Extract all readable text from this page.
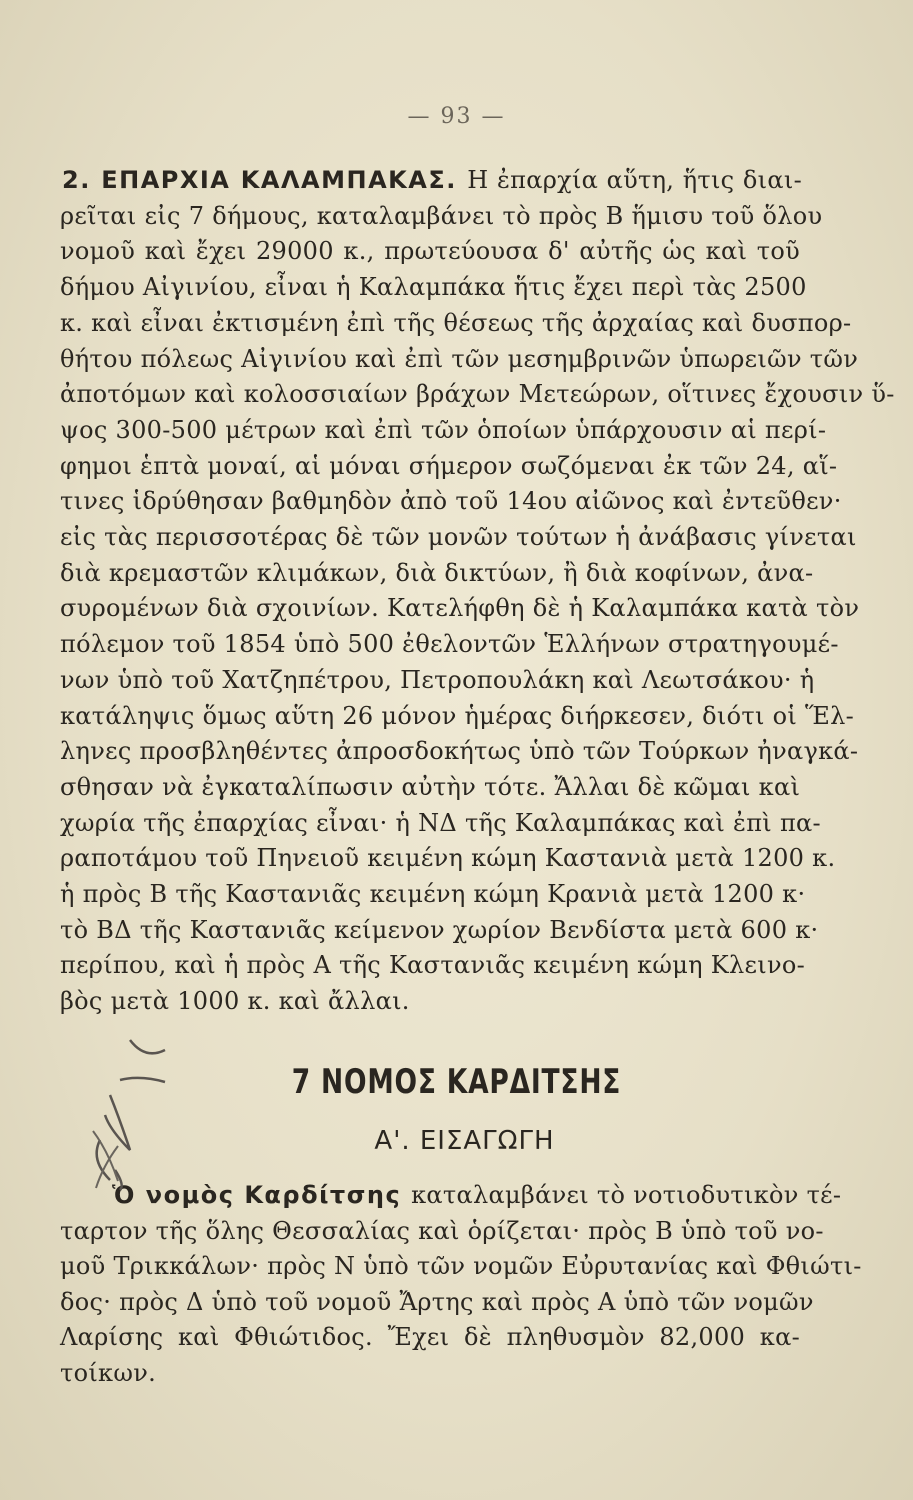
— 93 —
2. ΕΠΑΡΧΙΑ ΚΑΛΑΜΠΑΚΑΣ. Η ἐπαρχία αὕτη, ἥτις διαι-
ρεῖται εἰς 7 δήμους, καταλαμβάνει τὸ πρὸς Β ἥμισυ τοῦ ὅλου
νομοῦ καὶ ἔχει 29000 κ., πρωτεύουσα δ' αὐτῆς ὡς καὶ τοῦ
δήμου Αἰγινίου, εἶναι ἡ Καλαμπάκα ἥτις ἔχει περὶ τὰς 2500
κ. καὶ εἶναι ἐκτισμένη ἐπὶ τῆς θέσεως τῆς ἀρχαίας καὶ δυσπορ-
θήτου πόλεως Αἰγινίου καὶ ἐπὶ τῶν μεσημβρινῶν ὑπωρειῶν τῶν
ἀποτόμων καὶ κολοσσιαίων βράχων Μετεώρων, οἵτινες ἔχουσιν ὕ-
ψος 300-500 μέτρων καὶ ἐπὶ τῶν ὁποίων ὑπάρχουσιν αἱ περί-
φημοι ἑπτὰ μοναί, αἱ μόναι σήμερον σωζόμεναι ἐκ τῶν 24, αἵ-
τινες ἱδρύθησαν βαθμηδὸν ἀπὸ τοῦ 14ου αἰῶνος καὶ ἐντεῦθεν·
εἰς τὰς περισσοτέρας δὲ τῶν μονῶν τούτων ἡ ἀνάβασις γίνεται
διὰ κρεμαστῶν κλιμάκων, διὰ δικτύων, ἢ διὰ κοφίνων, ἀνα-
συρομένων διὰ σχοινίων. Κατελήφθη δὲ ἡ Καλαμπάκα κατὰ τὸν
πόλεμον τοῦ 1854 ὑπὸ 500 ἐθελοντῶν Ἑλλήνων στρατηγουμέ-
νων ὑπὸ τοῦ Χατζηπέτρου, Πετροπουλάκη καὶ Λεωτσάκου· ἡ
κατάληψις ὅμως αὕτη 26 μόνον ἡμέρας διήρκεσεν, διότι οἱ Ἕλ-
ληνες προσβληθέντες ἀπροσδοκήτως ὑπὸ τῶν Τούρκων ἠναγκά-
σθησαν νὰ ἐγκαταλίπωσιν αὐτὴν τότε. Ἄλλαι δὲ κῶμαι καὶ
χωρία τῆς ἐπαρχίας εἶναι· ἡ ΝΔ τῆς Καλαμπάκας καὶ ἐπὶ πα-
ραποτάμου τοῦ Πηνειοῦ κειμένη κώμη Καστανιὰ μετὰ 1200 κ.
ἡ πρὸς Β τῆς Καστανιᾶς κειμένη κώμη Κρανιὰ μετὰ 1200 κ·
τὸ ΒΔ τῆς Καστανιᾶς κείμενον χωρίον Βενδίστα μετὰ 600 κ·
περίπου, καὶ ἡ πρὸς Α τῆς Καστανιᾶς κειμένη κώμη Κλεινο-
βὸς μετὰ 1000 κ. καὶ ἄλλαι.
7 ΝΟΜΟΣ ΚΑΡΔΙΤΣΗΣ
Α'. ΕΙΣΑΓΩΓΗ
Ὁ νομὸς Καρδίτσης καταλαμβάνει τὸ νοτιοδυτικὸν τέ-
ταρτον τῆς ὅλης Θεσσαλίας καὶ ὁρίζεται· πρὸς Β ὑπὸ τοῦ νο-
μοῦ Τρικκάλων· πρὸς Ν ὑπὸ τῶν νομῶν Εὐρυτανίας καὶ Φθιώτι-
δος· πρὸς Δ ὑπὸ τοῦ νομοῦ Ἄρτης καὶ πρὸς Α ὑπὸ τῶν νομῶν
Λαρίσης καὶ Φθιώτιδος. Ἔχει δὲ πληθυσμὸν 82,000 κα-
τοίκων.
